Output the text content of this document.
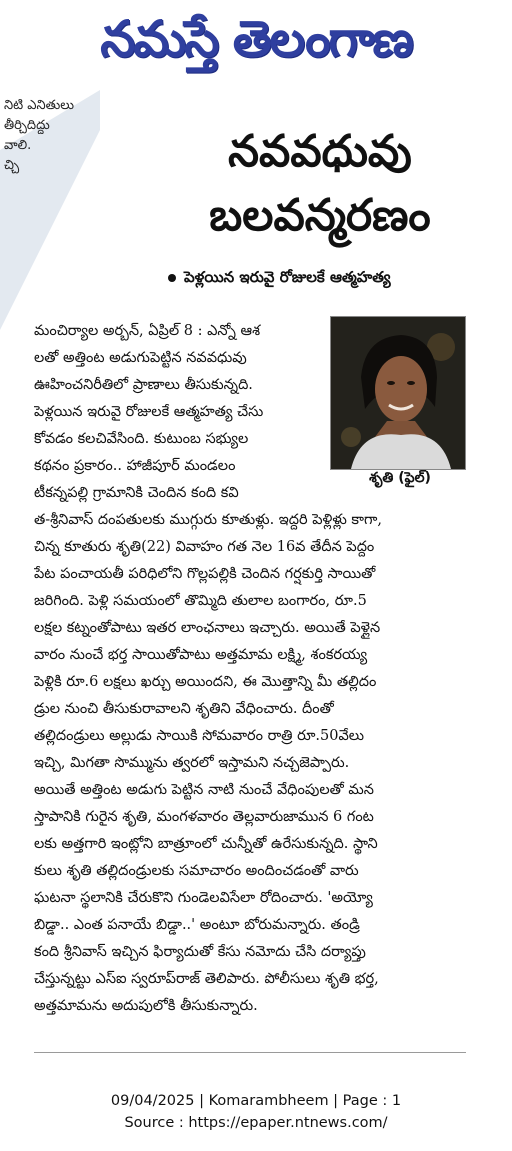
నమస్తే తెలంగాణ
నిటి ఎనితులు
తీర్చిదిద్దు
వాలి.
చ్చి	నవవధువు
బలవన్మరణం
పెళ్లయిన ఇరువై రోజులకే ఆత్మహత్య
శృతి (ఫైల్)
మంచిర్యాల అర్బన్, ఏప్రిల్ 8 : ఎన్నో ఆశ
లతో అత్తింట అడుగుపెట్టిన నవవధువు
ఊహించనిరీతిలో ప్రాణాలు తీసుకున్నది.
పెళ్లయిన ఇరువై రోజులకే ఆత్మహత్య చేసు
కోవడం కలచివేసింది. కుటుంబ సభ్యుల
కథనం ప్రకారం.. హాజీపూర్ మండలం
టీకన్నపల్లి గ్రామానికి చెందిన కంది కవి
త-శ్రీనివాస్ దంపతులకు ముగ్గురు కూతుళ్లు. ఇద్దరి పెళ్లిళ్లు కాగా,
చిన్న కూతురు శృతి(22) వివాహం గత నెల 16వ తేదీన పెద్దం
పేట పంచాయతీ పరిధిలోని గొల్లపల్లికి చెందిన గర్షకుర్తి సాయితో
జరిగింది. పెళ్లి సమయంలో తొమ్మిది తులాల బంగారం, రూ.5
లక్షల కట్నంతోపాటు ఇతర లాంఛనాలు ఇచ్చారు. అయితే పెళ్లైన
వారం నుంచే భర్త సాయితోపాటు అత్తమామ లక్ష్మి, శంకరయ్య
పెళ్లికి రూ.6 లక్షలు ఖర్చు అయిందని, ఈ మొత్తాన్ని మీ తల్లిదం
డ్రుల నుంచి తీసుకురావాలని శృతిని వేధించారు. దీంతో
తల్లిదండ్రులు అల్లుడు సాయికి సోమవారం రాత్రి రూ.50వేలు
ఇచ్చి, మిగతా సొమ్మును త్వరలో ఇస్తామని నచ్చజెప్పారు.
అయితే అత్తింట అడుగు పెట్టిన నాటి నుంచే వేధింపులతో మన
స్తాపానికి గురైన శృతి, మంగళవారం తెల్లవారుజామున 6 గంట
లకు అత్తగారి ఇంట్లోని బాత్రూంలో చున్నీతో ఉరేసుకున్నది. స్థాని
కులు శృతి తల్లిదండ్రులకు సమాచారం అందించడంతో వారు
ఘటనా స్థలానికి చేరుకొని గుండెలవిసేలా రోదించారు. 'అయ్యో
బిడ్డా.. ఎంత పనాయే బిడ్డా..' అంటూ బోరుమన్నారు. తండ్రి
కంది శ్రీనివాస్ ఇచ్చిన ఫిర్యాదుతో కేసు నమోదు చేసి దర్యాప్తు
చేస్తున్నట్టు ఎస్ఐ స్వరూప్‌రాజ్ తెలిపారు. పోలీసులు శృతి భర్త,
అత్తమామను అదుపులోకి తీసుకున్నారు.
09/04/2025 | Komarambheem | Page : 1
Source : https://epaper.ntnews.com/
